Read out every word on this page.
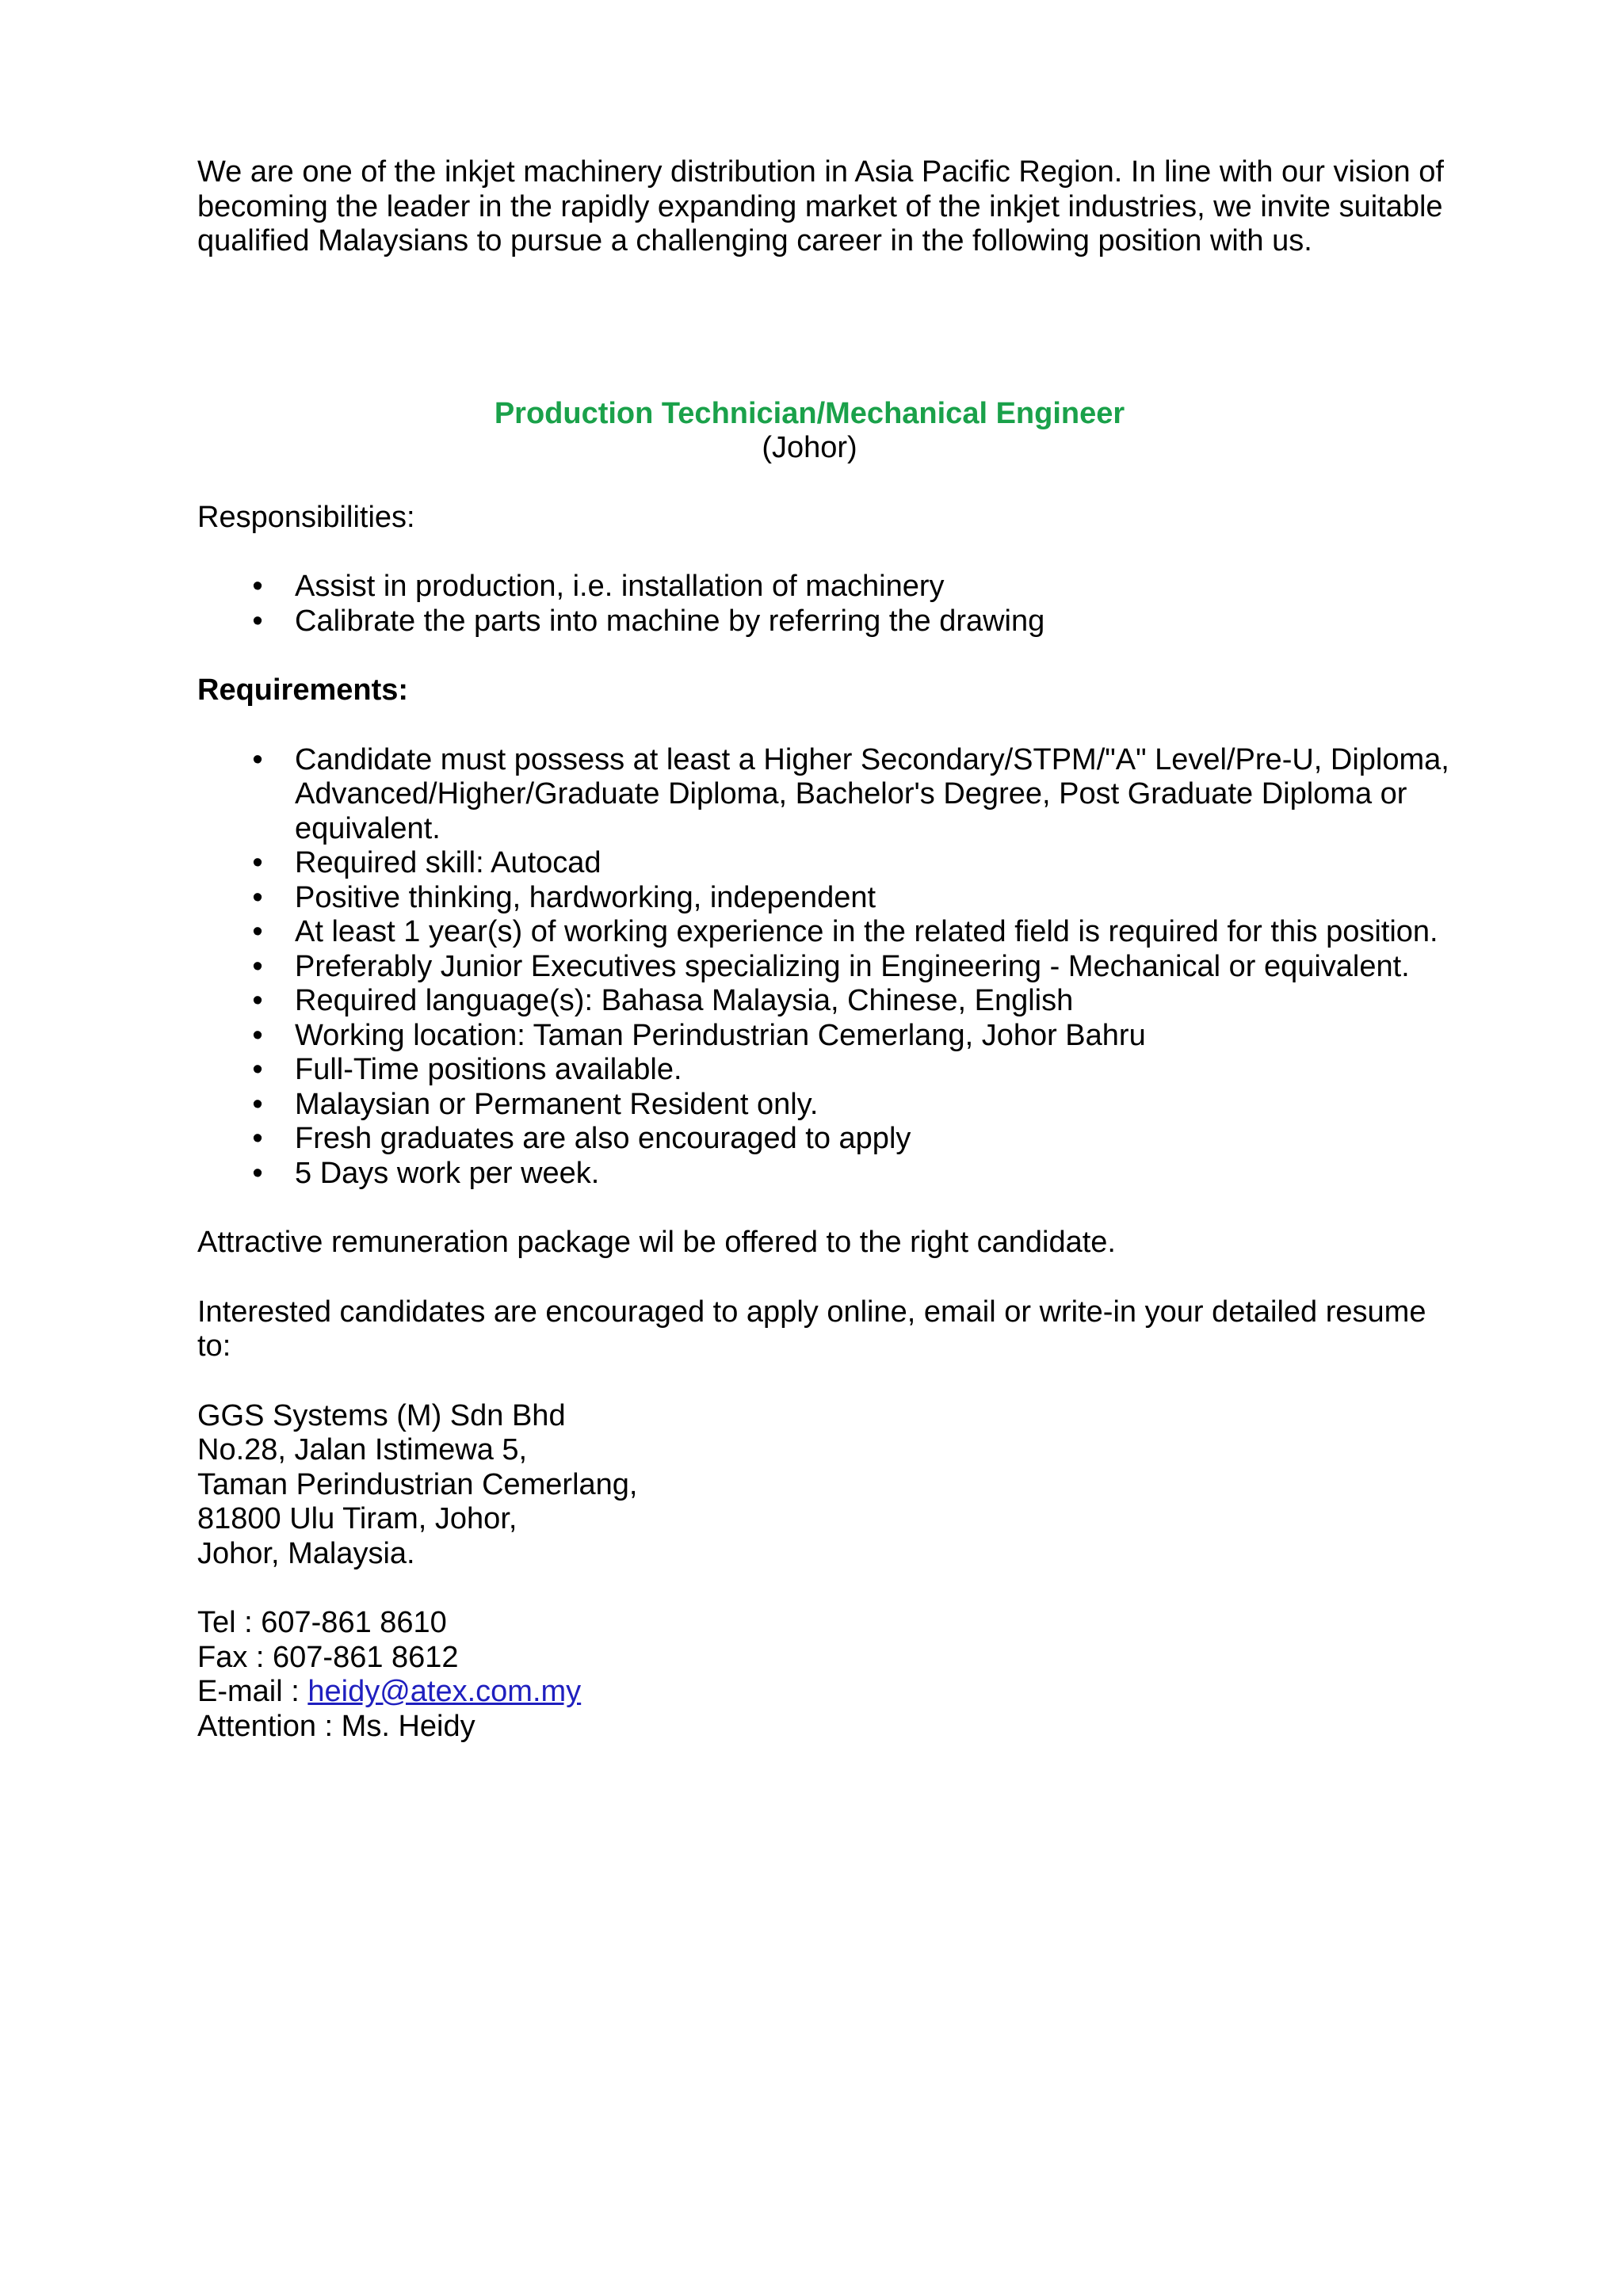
We are one of the inkjet machinery distribution in Asia Pacific Region. In line with our vision of becoming the leader in the rapidly expanding market of the inkjet industries, we invite suitable qualified Malaysians to pursue a challenging career in the following position with us.

Production Technician/Mechanical Engineer

(Johor)

Responsibilities:

• Assist in production, i.e. installation of machinery
• Calibrate the parts into machine by referring the drawing

Requirements:

• Candidate must possess at least a Higher Secondary/STPM/"A" Level/Pre-U, Diploma, Advanced/Higher/Graduate Diploma, Bachelor's Degree, Post Graduate Diploma or equivalent.
• Required skill: Autocad
• Positive thinking, hardworking, independent
• At least 1 year(s) of working experience in the related field is required for this position.
• Preferably Junior Executives specializing in Engineering - Mechanical or equivalent.
• Required language(s): Bahasa Malaysia, Chinese, English
• Working location: Taman Perindustrian Cemerlang, Johor Bahru
• Full-Time positions available.
• Malaysian or Permanent Resident only.
• Fresh graduates are also encouraged to apply
• 5 Days work per week.

Attractive remuneration package wil be offered to the right candidate.

Interested candidates are encouraged to apply online, email or write-in your detailed resume to:

GGS Systems (M) Sdn Bhd

No.28, Jalan Istimewa 5,

Taman Perindustrian Cemerlang,

81800 Ulu Tiram, Johor,

Johor, Malaysia.

Tel : 607-861 8610

Fax : 607-861 8612

E-mail : heidy@atex.com.my

Attention : Ms. Heidy
